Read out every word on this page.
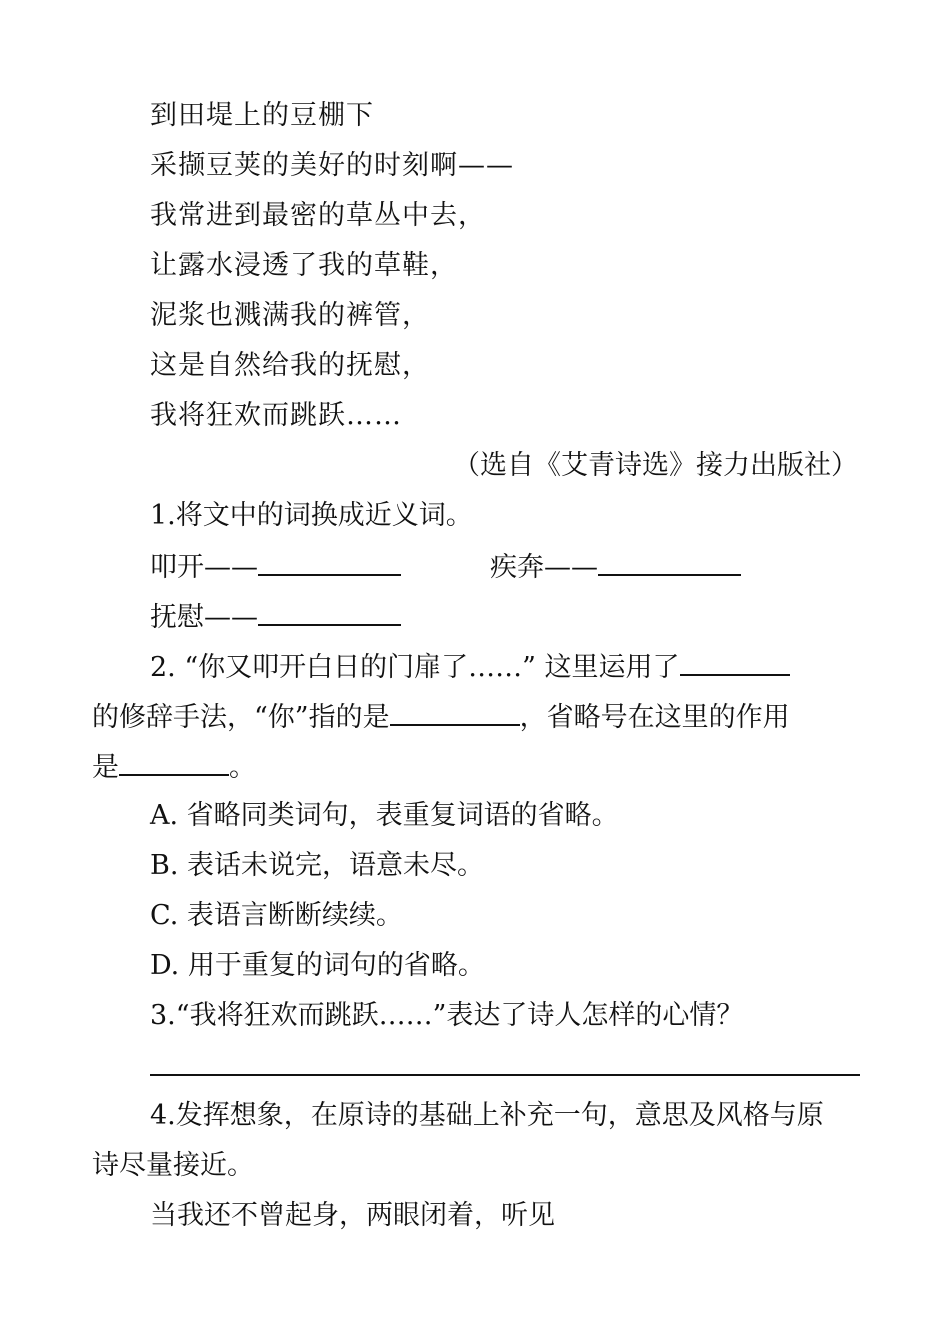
到田堤上的豆棚下
采撷豆荚的美好的时刻啊——
我常进到最密的草丛中去，
让露水浸透了我的草鞋，
泥浆也溅满我的裤管，
这是自然给我的抚慰，
我将狂欢而跳跃……
（选自《艾青诗选》接力出版社）
1.将文中的词换成近义词。
叩开——	疾奔——
抚慰——
2. “你又叩开白日的门扉了……” 这里运用了
的修辞手法，“你”指的是	，省略号在这里的作用
是	。
A. 省略同类词句，表重复词语的省略。
B. 表话未说完，语意未尽。
C. 表语言断断续续。
D. 用于重复的词句的省略。
3.“我将狂欢而跳跃……”表达了诗人怎样的心情？
4.发挥想象，在原诗的基础上补充一句，意思及风格与原
诗尽量接近。
当我还不曾起身，两眼闭着，听见
